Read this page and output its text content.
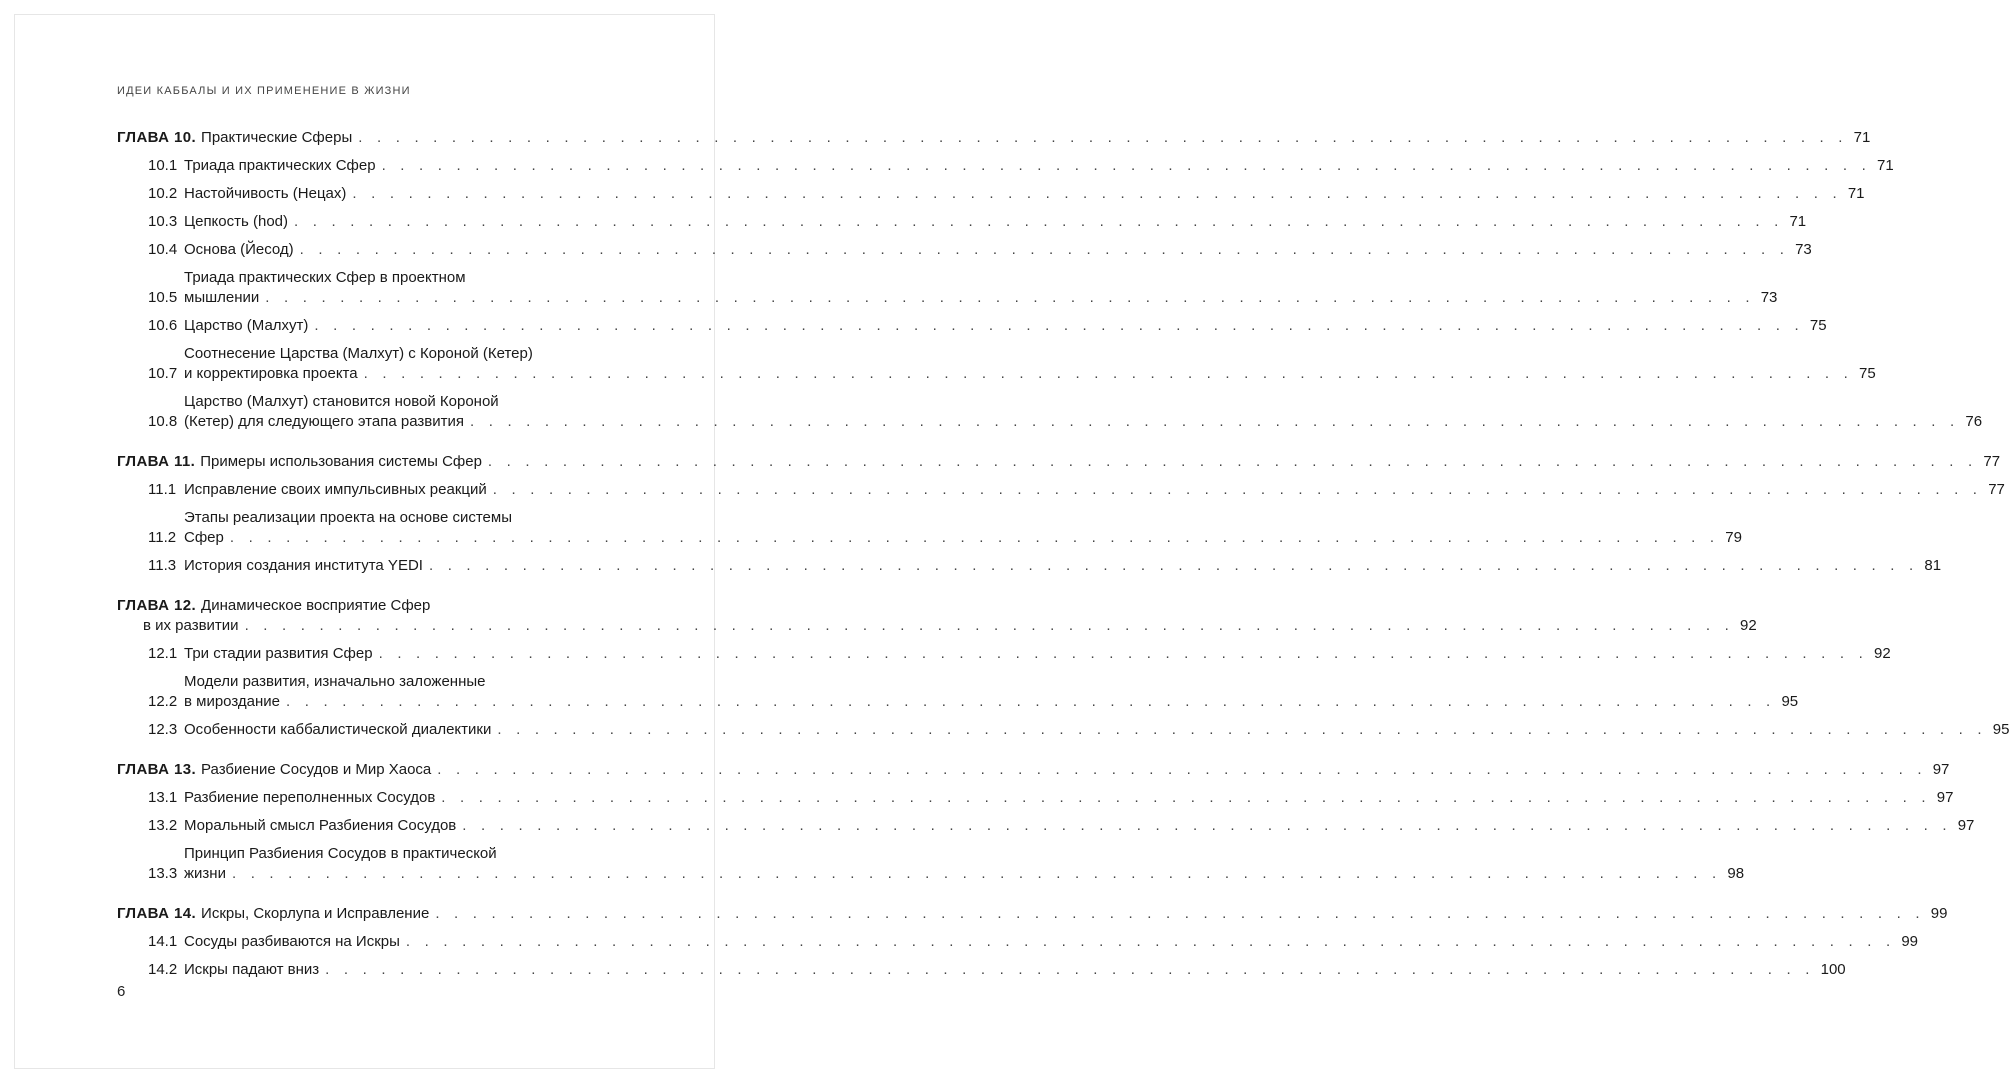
ИДЕИ КАББАЛЫ И ИХ ПРИМЕНЕНИЕ В ЖИЗНИ
ГЛАВА 10. Практические Сферы . . . . . . . . . . . . . . . . . . . . . . . . . . . . . . . . . . . . . . . . . . . . . . . . . . . . . . . . . . . . . . . . . . . . . . . . . . . . . . . . 71
10.1 Триада практических Сфер . . . . . . . . . . . . . . . . . . . . . . . . . . . . . . . . . . . . . . . . . . . . . . . . . . . . . . . . . . . . . . . . . . . . . . . . . . . . . . . . 71
10.2 Настойчивость (Нецах) . . . . . . . . . . . . . . . . . . . . . . . . . . . . . . . . . . . . . . . . . . . . . . . . . . . . . . . . . . . . . . . . . . . . . . . . . . . . . . . . 71
10.3 Цепкость (hod) . . . . . . . . . . . . . . . . . . . . . . . . . . . . . . . . . . . . . . . . . . . . . . . . . . . . . . . . . . . . . . . . . . . . . . . . . . . . . . . . 71
10.4 Основа (Йесод) . . . . . . . . . . . . . . . . . . . . . . . . . . . . . . . . . . . . . . . . . . . . . . . . . . . . . . . . . . . . . . . . . . . . . . . . . . . . . . . . 73
10.5
Триада практических Сфер в проектном
мышлении . . . . . . . . . . . . . . . . . . . . . . . . . . . . . . . . . . . . . . . . . . . . . . . . . . . . . . . . . . . . . . . . . . . . . . . . . . . . . . . . 73
10.6 Царство (Малхут) . . . . . . . . . . . . . . . . . . . . . . . . . . . . . . . . . . . . . . . . . . . . . . . . . . . . . . . . . . . . . . . . . . . . . . . . . . . . . . . . 75
10.7
Соотнесение Царства (Малхут) с Короной (Кетер)
и корректировка проекта . . . . . . . . . . . . . . . . . . . . . . . . . . . . . . . . . . . . . . . . . . . . . . . . . . . . . . . . . . . . . . . . . . . . . . . . . . . . . . . . 75
10.8
Царство (Малхут) становится новой Короной
(Кетер) для следующего этапа развития . . . . . . . . . . . . . . . . . . . . . . . . . . . . . . . . . . . . . . . . . . . . . . . . . . . . . . . . . . . . . . . . . . . . . . . . . . . . . . . . 76
ГЛАВА 11. Примеры использования системы Сфер . . . . . . . . . . . . . . . . . . . . . . . . . . . . . . . . . . . . . . . . . . . . . . . . . . . . . . . . . . . . . . . . . . . . . . . . . . . . . . . . 77
11.1 Исправление своих импульсивных реакций . . . . . . . . . . . . . . . . . . . . . . . . . . . . . . . . . . . . . . . . . . . . . . . . . . . . . . . . . . . . . . . . . . . . . . . . . . . . . . . . 77
11.2
Этапы реализации проекта на основе системы
Сфер . . . . . . . . . . . . . . . . . . . . . . . . . . . . . . . . . . . . . . . . . . . . . . . . . . . . . . . . . . . . . . . . . . . . . . . . . . . . . . . . 79
11.3 История создания института YEDI . . . . . . . . . . . . . . . . . . . . . . . . . . . . . . . . . . . . . . . . . . . . . . . . . . . . . . . . . . . . . . . . . . . . . . . . . . . . . . . . 81
ГЛАВА 12. Динамическое восприятие Сфер
в их развитии . . . . . . . . . . . . . . . . . . . . . . . . . . . . . . . . . . . . . . . . . . . . . . . . . . . . . . . . . . . . . . . . . . . . . . . . . . . . . . . . 92
12.1 Три стадии развития Сфер . . . . . . . . . . . . . . . . . . . . . . . . . . . . . . . . . . . . . . . . . . . . . . . . . . . . . . . . . . . . . . . . . . . . . . . . . . . . . . . . 92
12.2
Модели развития, изначально заложенные
в мироздание . . . . . . . . . . . . . . . . . . . . . . . . . . . . . . . . . . . . . . . . . . . . . . . . . . . . . . . . . . . . . . . . . . . . . . . . . . . . . . . . 95
12.3 Особенности каббалистической диалектики . . . . . . . . . . . . . . . . . . . . . . . . . . . . . . . . . . . . . . . . . . . . . . . . . . . . . . . . . . . . . . . . . . . . . . . . . . . . . . . . 95
ГЛАВА 13. Разбиение Сосудов и Мир Хаоса . . . . . . . . . . . . . . . . . . . . . . . . . . . . . . . . . . . . . . . . . . . . . . . . . . . . . . . . . . . . . . . . . . . . . . . . . . . . . . . . 97
13.1 Разбиение переполненных Сосудов . . . . . . . . . . . . . . . . . . . . . . . . . . . . . . . . . . . . . . . . . . . . . . . . . . . . . . . . . . . . . . . . . . . . . . . . . . . . . . . . 97
13.2 Моральный смысл Разбиения Сосудов . . . . . . . . . . . . . . . . . . . . . . . . . . . . . . . . . . . . . . . . . . . . . . . . . . . . . . . . . . . . . . . . . . . . . . . . . . . . . . . . 97
13.3
Принцип Разбиения Сосудов в практической
жизни . . . . . . . . . . . . . . . . . . . . . . . . . . . . . . . . . . . . . . . . . . . . . . . . . . . . . . . . . . . . . . . . . . . . . . . . . . . . . . . . 98
ГЛАВА 14. Искры, Скорлупа и Исправление . . . . . . . . . . . . . . . . . . . . . . . . . . . . . . . . . . . . . . . . . . . . . . . . . . . . . . . . . . . . . . . . . . . . . . . . . . . . . . . . 99
14.1 Сосуды разбиваются на Искры . . . . . . . . . . . . . . . . . . . . . . . . . . . . . . . . . . . . . . . . . . . . . . . . . . . . . . . . . . . . . . . . . . . . . . . . . . . . . . . . 99
14.2 Искры падают вниз . . . . . . . . . . . . . . . . . . . . . . . . . . . . . . . . . . . . . . . . . . . . . . . . . . . . . . . . . . . . . . . . . . . . . . . . . . . . . . . . 100
6
